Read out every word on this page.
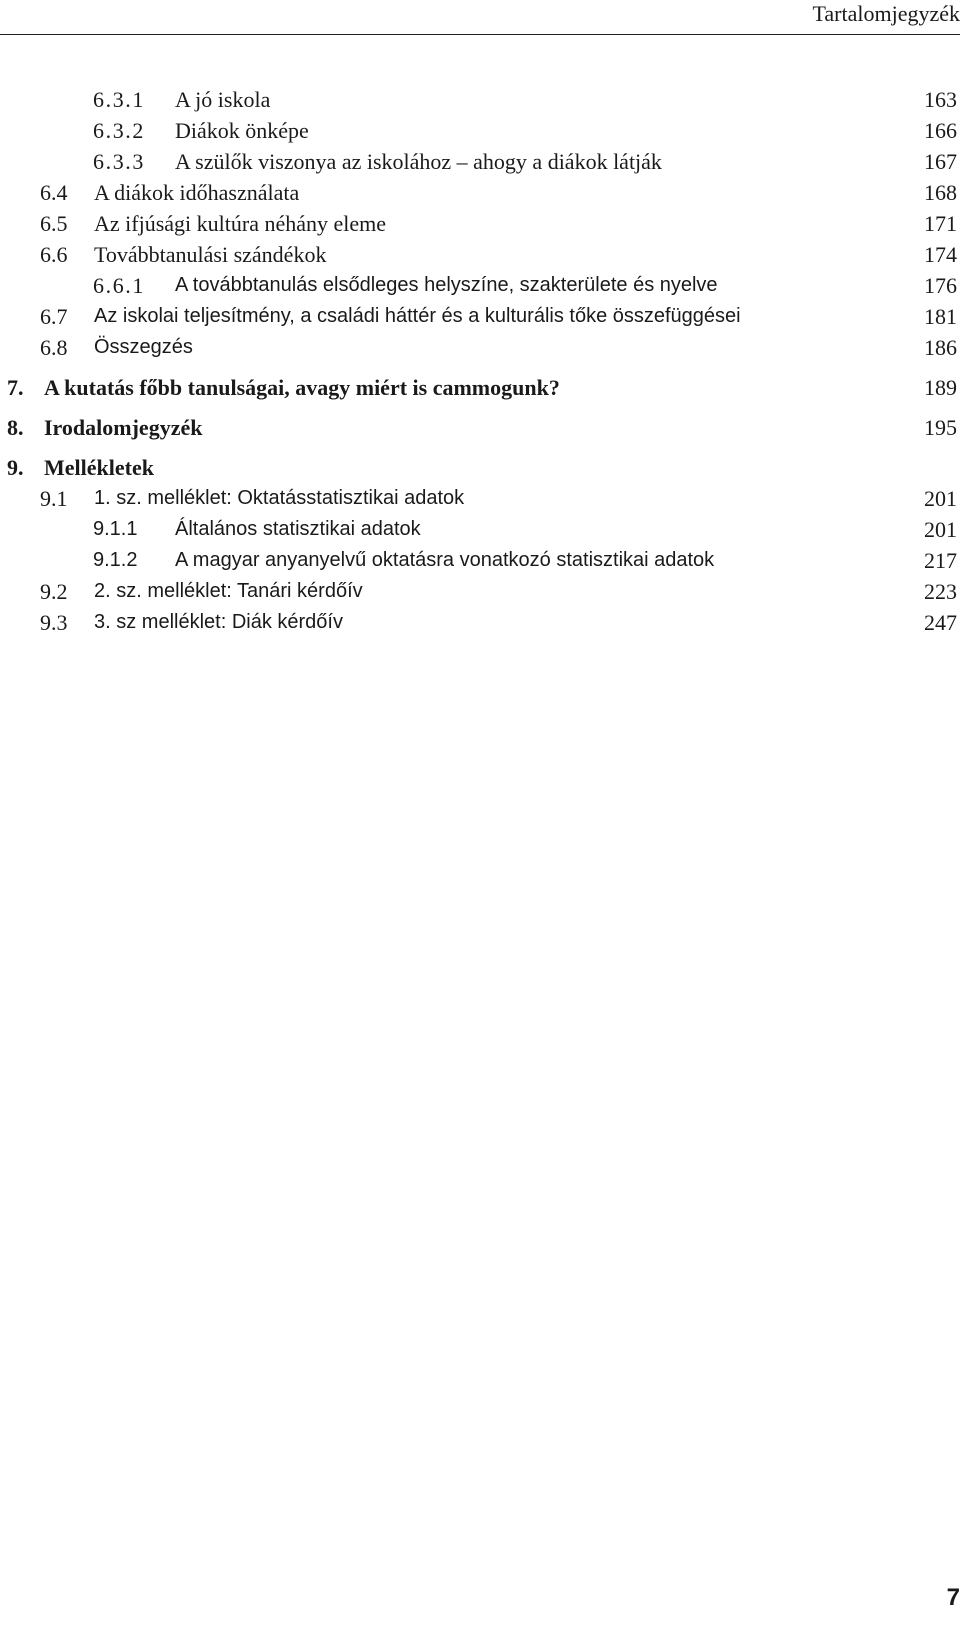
Tartalomjegyzék
6.3.1 A jó iskola	163
6.3.2 Diákok önképe	166
6.3.3 A szülők viszonya az iskolához – ahogy a diákok látják	167
6.4 A diákok időhasználata	168
6.5 Az ifjúsági kultúra néhány eleme	171
6.6 Továbbtanulási szándékok	174
6.6.1 A továbbtanulás elsődleges helyszíne, szakterülete és nyelve	176
6.7 Az iskolai teljesítmény, a családi háttér és a kulturális tőke összefüggései	181
6.8 Összegzés	186
7. A kutatás főbb tanulságai, avagy miért is cammogunk?	189
8. Irodalomjegyzék	195
9. Mellékletek
9.1 1. sz. melléklet: Oktatásstatisztikai adatok	201
9.1.1 Általános statisztikai adatok	201
9.1.2 A magyar anyanyelvű oktatásra vonatkozó statisztikai adatok	217
9.2 2. sz. melléklet: Tanári kérdőív	223
9.3 3. sz melléklet: Diák kérdőív	247
7
